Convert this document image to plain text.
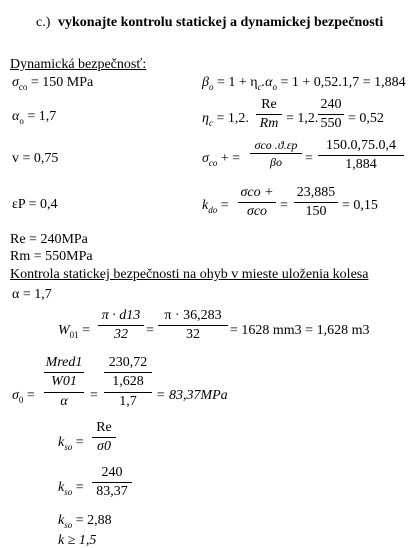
c.) vykonajte kontrolu statickej a dynamickej bezpečnosti
Dynamická bezpečnosť:
$\sigma_{co} = 150$ MPa
$\alpha_o = 1,7$
v = 0,75
εP = 0,4
Re = 240MPa
Rm = 550MPa
$\beta_o = 1 + \eta_c.\alpha_o = 1 + 0,52.1,7 = 1,884$
$\eta_c = 1,2$.
Re
Rm = 1,2.
240
550 = 0,52
$\sigma_{co}$ + =
σco .ϑ.εp
βo	=
150.0,75.0,4
1,884
$k_{do}$ =
σco +
σco =
23,885
150	= 0,15
Kontrola statickej bezpečnosti na ohyb v mieste uloženia kolesa
α = 1,7
$W_{01}$ =
π · d13
32	=
π · 36,283
32	= 1628 mm3 = 1,628 m3
$\sigma_0$ =
Mred1
W01
α	=
230,72
1,628
1,7	= 83,37MPa
$k_{so}$ =
Re
σ0
$k_{so}$ =
240
83,37
$k_{so} = 2,88$
k ≥ 1,5
